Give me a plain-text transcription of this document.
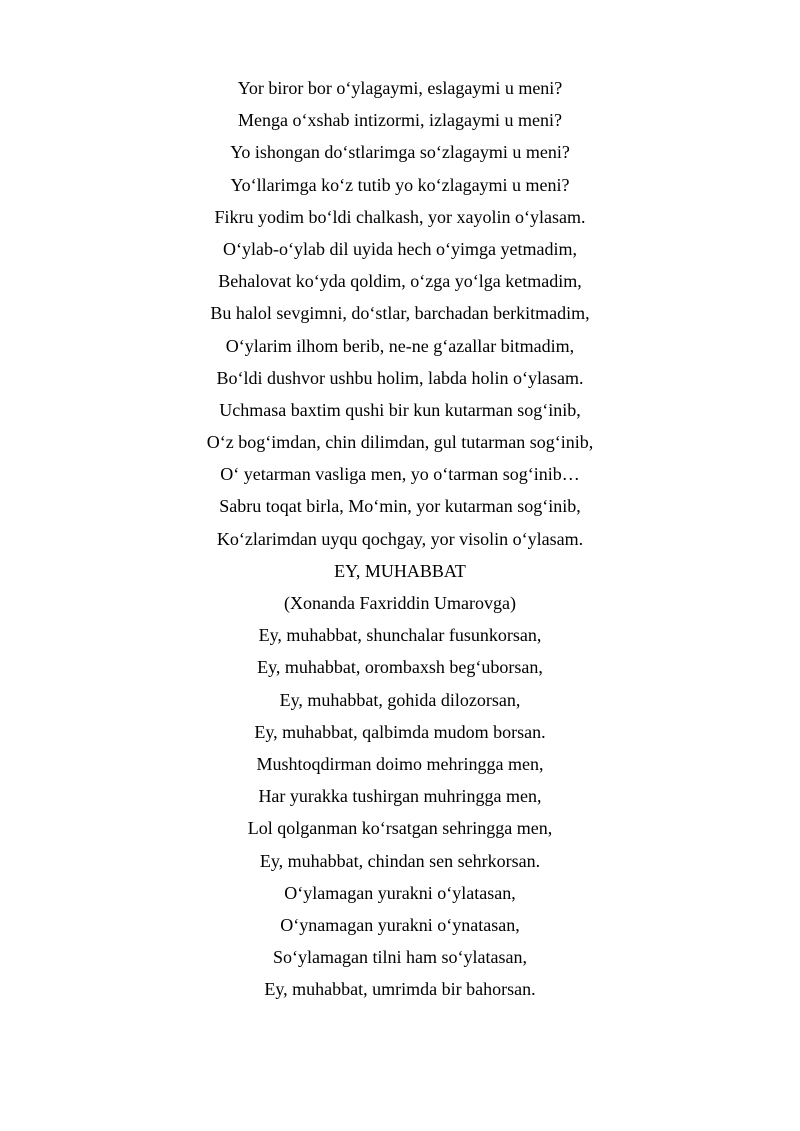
Yor biror bor o‘ylagaymi, eslagaymi u meni?
Menga o‘xshab intizormi, izlagaymi u meni?
Yo ishongan do‘stlarimga so‘zlagaymi u meni?
Yo‘llarimga ko‘z tutib yo ko‘zlagaymi u meni?
Fikru yodim bo‘ldi chalkash, yor xayolin o‘ylasam.
O‘ylab-o‘ylab dil uyida hech o‘yimga yetmadim,
Behalovat ko‘yda qoldim, o‘zga yo‘lga ketmadim,
Bu halol sevgimni, do‘stlar, barchadan berkitmadim,
O‘ylarim ilhom berib, ne-ne g‘azallar bitmadim,
Bo‘ldi dushvor ushbu holim, labda holin o‘ylasam.
Uchmasa baxtim qushi bir kun kutarman sog‘inib,
O‘z bog‘imdan, chin dilimdan, gul tutarman sog‘inib,
O‘ yetarman vasliga men, yo o‘tarman sog‘inib…
Sabru toqat birla, Mo‘min, yor kutarman sog‘inib,
Ko‘zlarimdan uyqu qochgay, yor visolin o‘ylasam.
EY, MUHABBAT
(Xonanda Faxriddin Umarovga)
Ey, muhabbat, shunchalar fusunkorsan,
Ey, muhabbat, orombaxsh beg‘uborsan,
Ey, muhabbat, gohida dilozorsan,
Ey, muhabbat, qalbimda mudom borsan.
Mushtoqdirman doimo mehringga men,
Har yurakka tushirgan muhringga men,
Lol qolganman ko‘rsatgan sehringga men,
Ey, muhabbat, chindan sen sehrkorsan.
O‘ylamagan yurakni o‘ylatasan,
O‘ynamagan yurakni o‘ynatasan,
So‘ylamagan tilni ham so‘ylatasan,
Ey, muhabbat, umrimda bir bahorsan.
